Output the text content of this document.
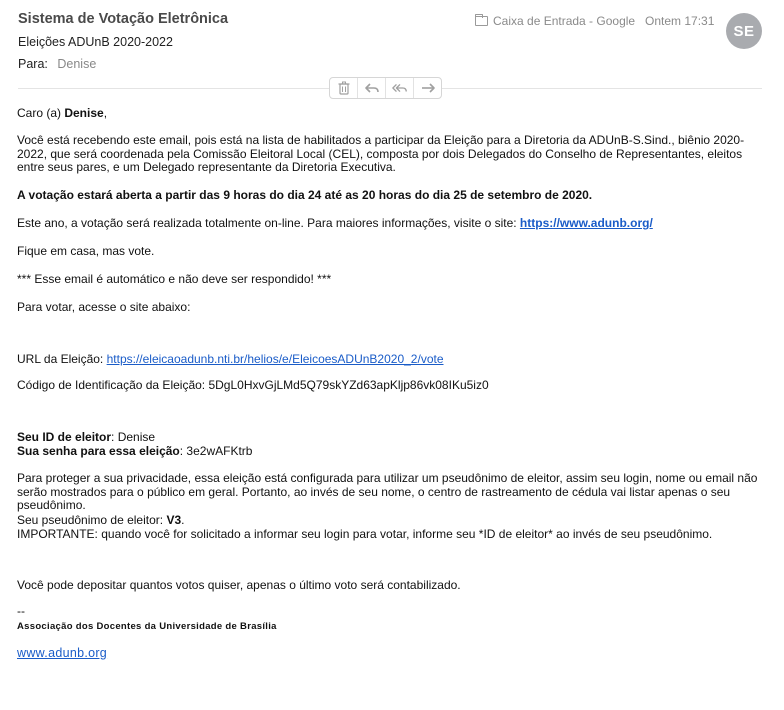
Sistema de Votação Eletrônica
Eleições ADUnB 2020-2022
Para: Denise
Caixa de Entrada - Google Ontem 17:31
SE

Caro (a) Denise,

Você está recebendo este email, pois está na lista de habilitados a participar da Eleição para a Diretoria da ADUnB-S.Sind., biênio 2020-
2022, que será coordenada pela Comissão Eleitoral Local (CEL), composta por dois Delegados do Conselho de Representantes, eleitos
entre seus pares, e um Delegado representante da Diretoria Executiva.

A votação estará aberta a partir das 9 horas do dia 24 até as 20 horas do dia 25 de setembro de 2020.

Este ano, a votação será realizada totalmente on-line. Para maiores informações, visite o site: https://www.adunb.org/

Fique em casa, mas vote.

*** Esse email é automático e não deve ser respondido! ***

Para votar, acesse o site abaixo:

URL da Eleição: https://eleicaoadunb.nti.br/helios/e/EleicoesADUnB2020_2/vote

Código de Identificação da Eleição: 5DgL0HxvGjLMd5Q79skYZd63apKljp86vk08IKu5iz0

Seu ID de eleitor: Denise

Sua senha para essa eleição: 3e2wAFKtrb

Para proteger a sua privacidade, essa eleição está configurada para utilizar um pseudônimo de eleitor, assim seu login, nome ou email não
serão mostrados para o público em geral. Portanto, ao invés de seu nome, o centro de rastreamento de cédula vai listar apenas o seu
pseudônimo.

Seu pseudônimo de eleitor: V3.

IMPORTANTE: quando você for solicitado a informar seu login para votar, informe seu *ID de eleitor* ao invés de seu pseudônimo.

Você pode depositar quantos votos quiser, apenas o último voto será contabilizado.

--

Associação dos Docentes da Universidade de Brasília

www.adunb.org
